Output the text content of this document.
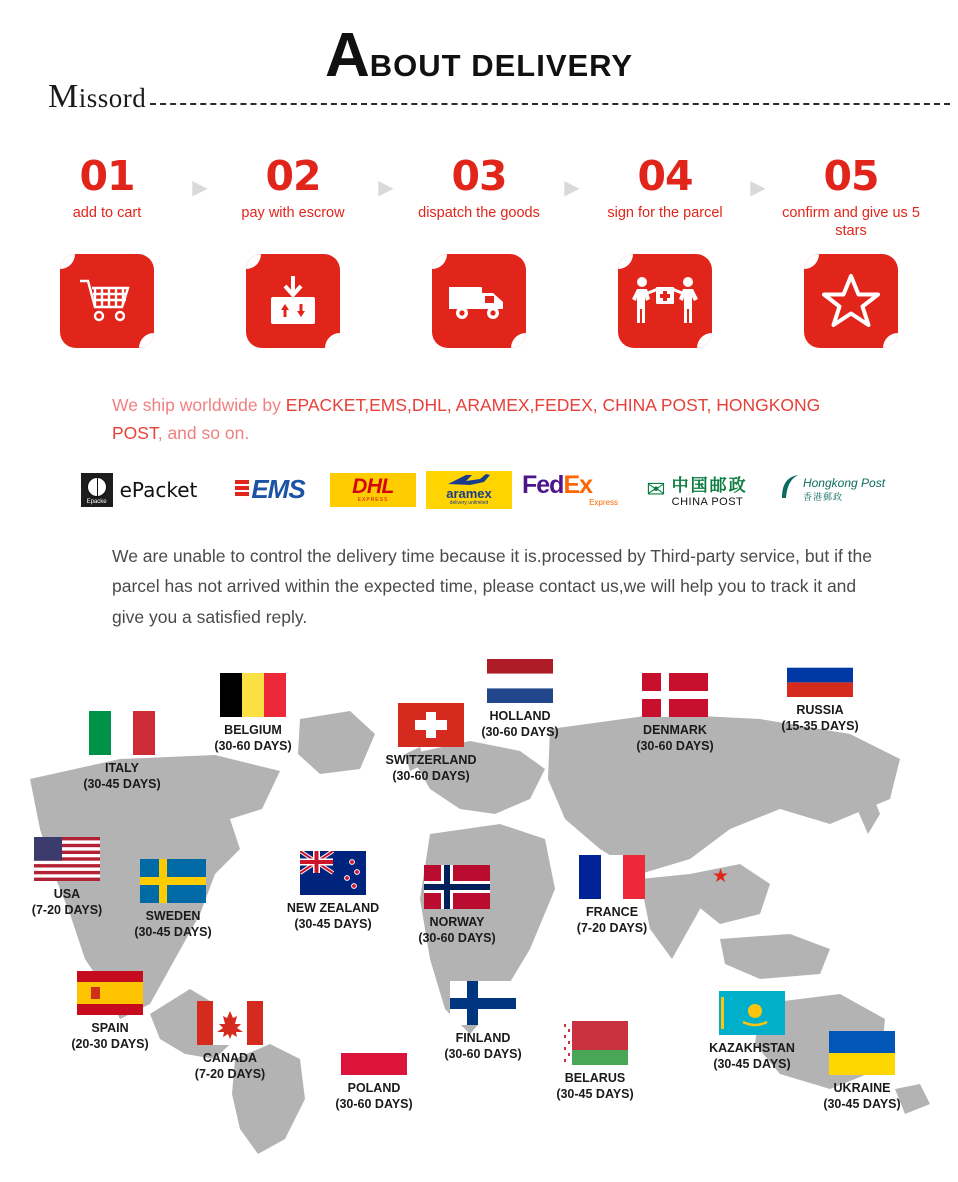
Missord
A BOUT DELIVERY
01
add to cart
▶	02
pay with escrow
▶	03
dispatch the goods
▶	04
sign for the parcel
▶	05
confirm and give us 5 stars
We ship worldwide by EPACKET,EMS,DHL, ARAMEX,FEDEX, CHINA POST, HONGKONG POST, and so on.
Epacke ePacket	EMS DHL
EXPRESS	aramex
delivery unlimited
FedEx
Express ✉ 中国邮政
CHINA POST
Hongkong Post
香港郵政
We are unable to control the delivery time because it is.processed by Third-party service, but if the parcel has not arrived within the expected time, please contact us,we will help you to track it and give you a satisfied reply.
★
ITALY
(30-45 DAYS)
BELGIUM
(30-60 DAYS)
SWITZERLAND
(30-60 DAYS)
HOLLAND
(30-60 DAYS)	DENMARK
(30-60 DAYS)
RUSSIA
(15-35 DAYS)
USA
(7-20 DAYS)	SWEDEN
(30-45 DAYS)
NEW ZEALAND
(30-45 DAYS)	NORWAY
(30-60 DAYS)
FRANCE
(7-20 DAYS)
SPAIN
(20-30 DAYS)
CANADA
(7-20 DAYS)
POLAND
(30-60 DAYS)
FINLAND
(30-60 DAYS)
BELARUS
(30-45 DAYS)
KAZAKHSTAN
(30-45 DAYS)
UKRAINE
(30-45 DAYS)
